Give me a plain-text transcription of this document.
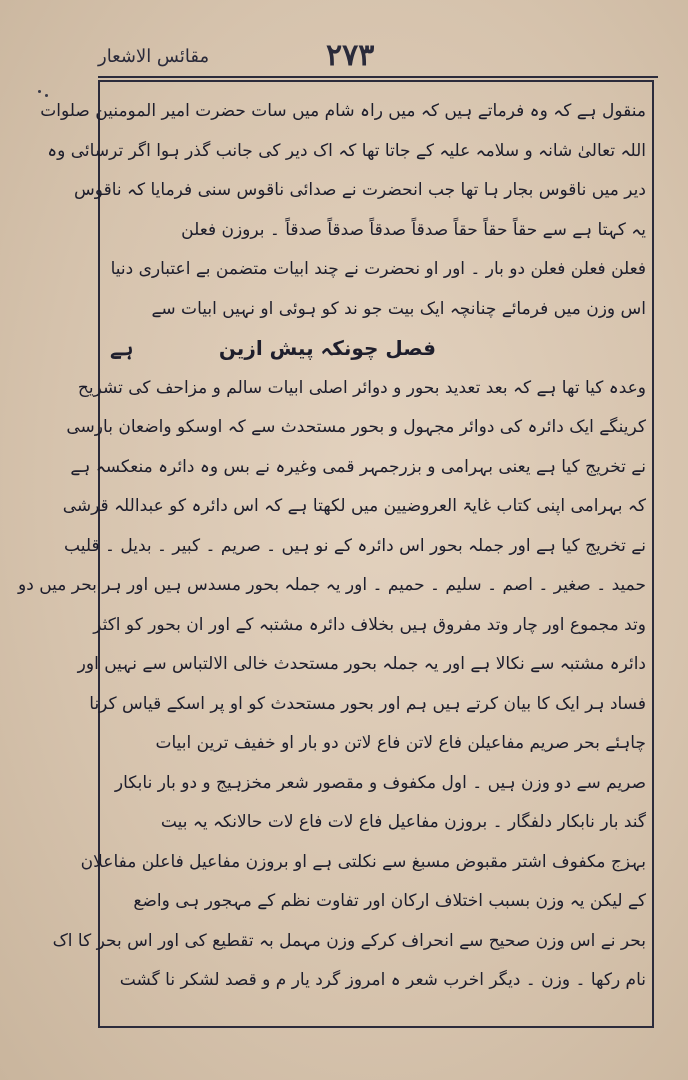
مقائس الاشعار	۲۷۳
منقول ہے کہ وہ فرماتے ہیں کہ میں راہ شام میں سات حضرت امیر المومنین صلوات
اللہ تعالیٰ شانہ و سلامہ علیہ کے جاتا تھا کہ اک دیر کی جانب گذر ہوا اگر ترسائی وہ
دیر میں ناقوس بجار ہا تھا جب انحضرت نے صدائی ناقوس سنی فرمایا کہ ناقوس
یہ کہتا ہے سے حقاً حقاً حقاً صدقاً صدقاً صدقاً صدقاً ۔ بروزن فعلن
فعلن فعلن فعلن دو بار ۔ اور او نحضرت نے چند ابیات متضمن بے اعتباری دنیا
اس وزن میں فرمائے چنانچہ ایک بیت جو ند کو ہوئی او نہیں ابیات سے
فصل چونکہ پیش ازین
ہے
وعدہ کیا تھا ہے کہ بعد تعدید بحور و دوائر اصلی ابیات سالم و مزاحف کی تشریح
کرینگے ایک دائرہ کی دوائر مجہول و بحور مستحدث سے کہ اوسکو واضعان بارسی
نے تخریج کیا ہے یعنی بہرامی و بزرجمہر قمی وغیرہ نے بس وہ دائرہ منعکسہ ہے
کہ بہرامی اپنی کتاب غایۃ العروضیین میں لکھتا ہے کہ اس دائرہ کو عبداللہ قرشی
نے تخریج کیا ہے اور جملہ بحور اس دائرہ کے نو ہیں ۔ صریم ۔ کبیر ۔ بدیل ۔ قلیب
حمید ۔ صغیر ۔ اصم ۔ سلیم ۔ حمیم ۔ اور یہ جملہ بحور مسدس ہیں اور ہر بحر میں دو
وتد مجموع اور چار وتد مفروق ہیں بخلاف دائرہ مشتبہ کے اور ان بحور کو اکثر
دائرہ مشتبہ سے نکالا ہے اور یہ جملہ بحور مستحدث خالی الالتباس سے نہیں اور
فساد ہر ایک کا بیان کرتے ہیں ہم اور بحور مستحدث کو او پر اسکے قیاس کرنا
چاہئے بحر صریم مفاعیلن فاع لاتن فاع لاتن دو بار او خفیف ترین ابیات
صریم سے دو وزن ہیں ۔ اول مکفوف و مقصور شعر مخزہیج و دو بار نابکار
گند بار نابکار دلفگار ۔ بروزن مفاعیل فاع لات فاع لات حالانکہ یہ بیت
بہزج مکفوف اشتر مقبوض مسبغ سے نکلتی ہے او بروزن مفاعیل فاعلن مفاعلان
کے لیکن یہ وزن بسبب اختلاف ارکان اور تفاوت نظم کے مہجور ہی واضع
بحر نے اس وزن صحیح سے انحراف کرکے وزن مہمل بہ تقطیع کی اور اس بحر کا اک
نام رکھا ۔ وزن ۔ دیگر اخرب شعر ہ امروز گرد یار م و قصد لشکر نا گشت
